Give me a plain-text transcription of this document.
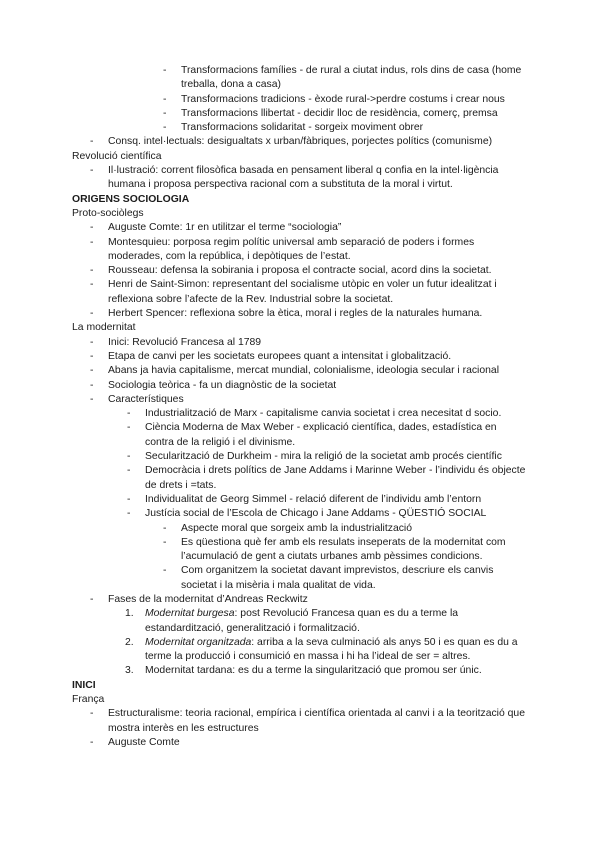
- Transformacions famílies - de rural a ciutat indus, rols dins de casa (home treballa, dona a casa)
- Transformacions tradicions - èxode rural->perdre costums i crear nous
- Transformacions llibertat - decidir lloc de residència, comerç, premsa
- Transformacions solidaritat - sorgeix moviment obrer
- Consq. intel·lectuals: desigualtats x urban/fàbriques, porjectes polítics (comunisme)
Revolució científica
- Il·lustració: corrent filosòfica basada en pensament liberal q confia en la intel·ligència humana i proposa perspectiva racional com a substituta de la moral i virtut.
ORIGENS SOCIOLOGIA
Proto-sociòlegs
- Auguste Comte: 1r en utilitzar el terme “sociologia”
- Montesquieu: porposa regim polític universal amb separació de poders i formes moderades, com la república, i depòtiques de l’estat.
- Rousseau: defensa la sobirania i proposa el contracte social, acord dins la societat.
- Henri de Saint-Simon: representant del socialisme utòpic en voler un futur idealitzat i reflexiona sobre l’afecte de la Rev. Industrial sobre la societat.
- Herbert Spencer: reflexiona sobre la ètica, moral i regles de la naturales humana.
La modernitat
- Inici: Revolució Francesa al 1789
- Etapa de canvi per les societats europees quant a intensitat i globalització.
- Abans ja havia capitalisme, mercat mundial, colonialisme, ideologia secular i racional
- Sociologia teòrica - fa un diagnòstic de la societat
- Característiques
- Industrialització de Marx - capitalisme canvia societat i crea necesitat d socio.
- Ciència Moderna de Max Weber - explicació científica, dades, estadística en contra de la religió i el divinisme.
- Secularització de Durkheim - mira la religió de la societat amb procés científic
- Democràcia i drets polítics de Jane Addams i Marinne Weber - l’individu és objecte de drets i =tats.
- Individualitat de Georg Simmel - relació diferent de l’individu amb l’entorn
- Justícia social de l’Escola de Chicago i Jane Addams - QÜESTIÓ SOCIAL
- Aspecte moral que sorgeix amb la industrialització
- Es qüestiona què fer amb els resulats inseperats de la modernitat com l’acumulació de gent a ciutats urbanes amb pèssimes condicions.
- Com organitzem la societat davant imprevistos, descriure els canvis societat i la misèria i mala qualitat de vida.
- Fases de la modernitat d’Andreas Reckwitz
1. Modernitat burgesa: post Revolució Francesa quan es du a terme la estandardització, generalització i formalització.
2. Modernitat organitzada: arriba a la seva culminació als anys 50 i es quan es du a terme la producció i consumició en massa i hi ha l’ideal de ser = altres.
3. Modernitat tardana: es du a terme la singularització que promou ser únic.
INICI
França
- Estructuralisme: teoria racional, empírica i científica orientada al canvi i a la teorització que mostra interès en les estructures
- Auguste Comte
